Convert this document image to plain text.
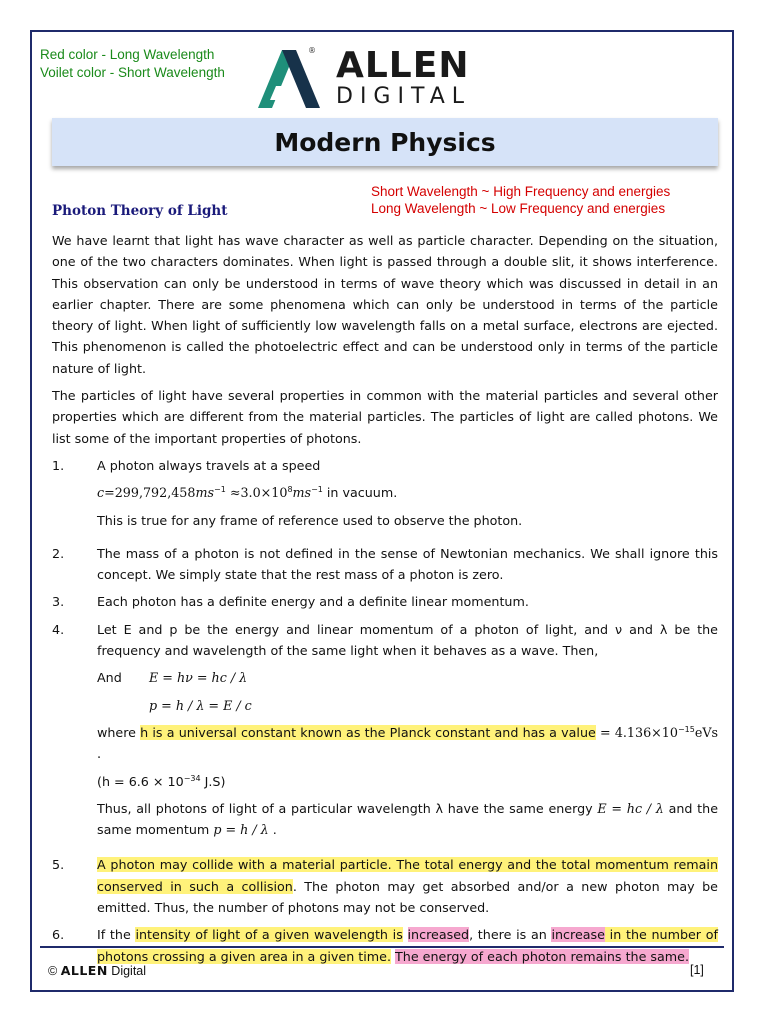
Red color - Long Wavelength
Voilet color - Short Wavelength
® ALLEN
DIGITAL
Modern Physics
Short Wavelength ~ High Frequency and energies
Long Wavelength ~ Low Frequency and energies
Photon Theory of Light

We have learnt that light has wave character as well as particle character. Depending on the situation, one of the two characters dominates. When light is passed through a double slit, it shows interference. This observation can only be understood in terms of wave theory which was discussed in detail in an earlier chapter. There are some phenomena which can only be understood in terms of the particle theory of light. When light of sufficiently low wavelength falls on a metal surface, electrons are ejected. This phenomenon is called the photoelectric effect and can be understood only in terms of the particle nature of light.

The particles of light have several properties in common with the material particles and several other properties which are different from the material particles. The particles of light are called photons. We list some of the important properties of photons.

1.	A photon always travels at a speed
$c=299,792,458ms^{-1} \approx 3.0\times 10^8ms^{-1}$ in vacuum.
This is true for any frame of reference used to observe the photon.
2.	The mass of a photon is not defined in the sense of Newtonian mechanics. We shall ignore this concept. We simply state that the rest mass of a photon is zero.
3.	Each photon has a definite energy and a definite linear momentum.
4.	Let E and p be the energy and linear momentum of a photon of light, and ν and λ be the frequency and wavelength of the same light when it behaves as a wave. Then,
And	E = hν = hc / λ
p = h / λ = E / c
where h is a universal constant known as the Planck constant and has a value = $4.136\times 10^{-15}eVs$ .
($h = 6.6 \times 10^{-34}$ J.S)
Thus, all photons of light of a particular wavelength λ have the same energy E = hc / λ and the same momentum p = h / λ .
5.	A photon may collide with a material particle. The total energy and the total momentum remain conserved in such a collision. The photon may get absorbed and/or a new photon may be emitted. Thus, the number of photons may not be conserved.
6.	If the intensity of light of a given wavelength is increased, there is an increase in the number of photons crossing a given area in a given time. The energy of each photon remains the same.
© ALLEN Digital	[1]
